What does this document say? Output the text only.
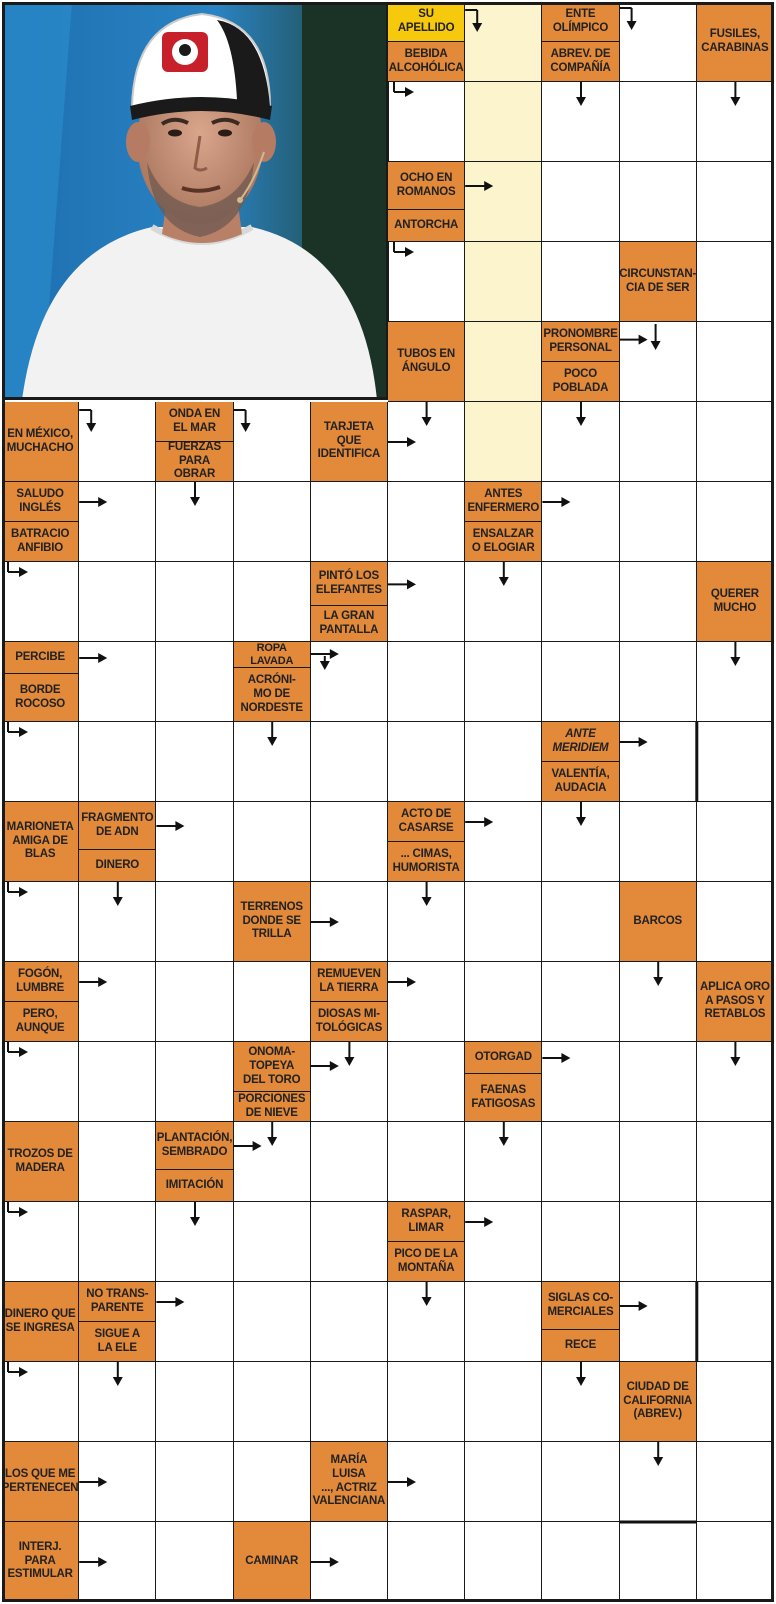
SU APELLIDO
BEBIDA
ALCOHÓLICA
ENTE
OLÍMPICO
ABREV. DE
COMPAÑÍA
FUSILES,
CARABINAS
OCHO EN
ROMANOS
ANTORCHA
CIRCUNSTAN-
CIA DE SER
TUBOS EN
ÁNGULO
PRONOMBRE
PERSONAL
POCO
POBLADA
EN MÉXICO,
MUCHACHO
ONDA EN
EL MAR
FUERZAS
PARA OBRAR
TARJETA QUE
IDENTIFICA
SALUDO
INGLÉS
BATRACIO
ANFIBIO
ANTES
ENFERMERO
ENSALZAR
O ELOGIAR
PINTÓ LOS
ELEFANTES
LA GRAN
PANTALLA
QUERER
MUCHO
PERCIBE
BORDE
ROCOSO
ROPA LAVADA
ACRÓNI-
MO DE
NORDESTE
ANTE
MERIDIEM
VALENTÍA,
AUDACIA
MARIONETA
AMIGA DE
BLAS
FRAGMENTO
DE ADN
DINERO
ACTO DE
CASARSE
... CIMAS,
HUMORISTA
TERRENOS
DONDE SE
TRILLA
BARCOS
FOGÓN,
LUMBRE
PERO,
AUNQUE
REMUEVEN
LA TIERRA
DIOSAS MI-
TOLÓGICAS
APLICA ORO
A PASOS Y
RETABLOS
ONOMA-
TOPEYA
DEL TORO
PORCIONES
DE NIEVE
OTORGAD
FAENAS
FATIGOSAS
TROZOS DE
MADERA
PLANTACIÓN,
SEMBRADO
IMITACIÓN
RASPAR,
LIMAR
PICO DE LA
MONTAÑA
DINERO QUE
SE INGRESA
NO TRANS-
PARENTE
SIGUE A
LA ELE
SIGLAS CO-
MERCIALES
RECE
CIUDAD DE
CALIFORNIA
(ABREV.)
LOS QUE ME
PERTENECEN
MARÍA LUISA
..., ACTRIZ
VALENCIANA
INTERJ. PARA
ESTIMULAR
CAMINAR
